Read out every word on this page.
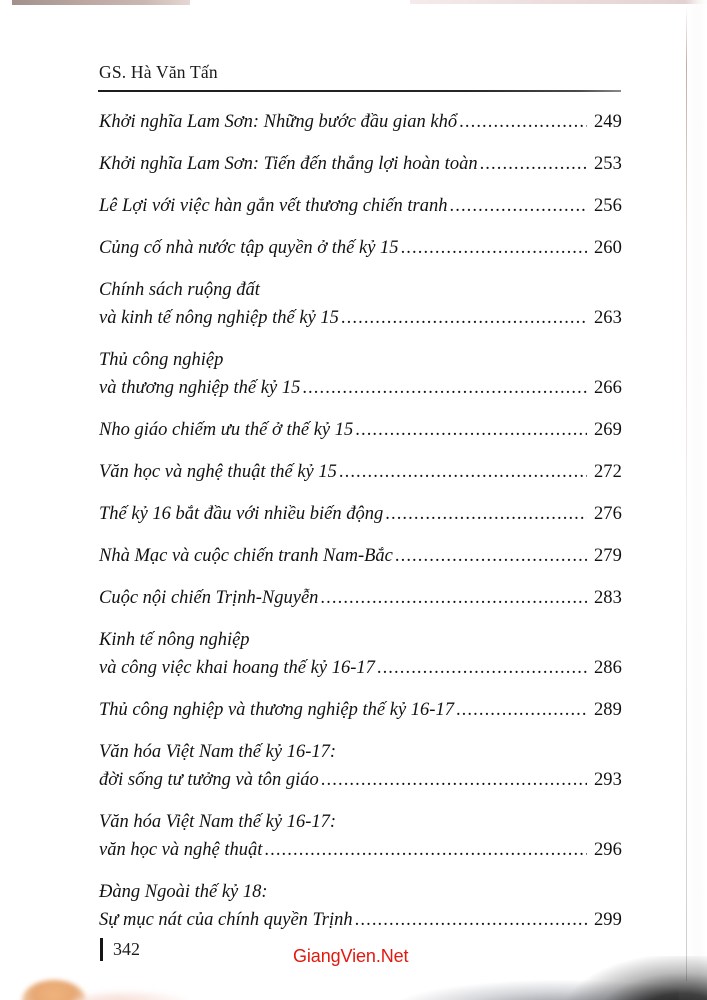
GS. Hà Văn Tấn
Khởi nghĩa Lam Sơn: Những bước đầu gian khổ .....	249
Khởi nghĩa Lam Sơn: Tiến đến thắng lợi hoàn toàn .....	253
Lê Lợi với việc hàn gắn vết thương chiến tranh .....	256
Củng cố nhà nước tập quyền ở thế kỷ 15 .....	260
Chính sách ruộng đất
và kinh tế nông nghiệp thế kỷ 15 .....	263
Thủ công nghiệp
và thương nghiệp thế kỷ 15 .....	266
Nho giáo chiếm ưu thế ở thế kỷ 15 .....	269
Văn học và nghệ thuật thế kỷ 15 .....	272
Thế kỷ 16 bắt đầu với nhiều biến động .....	276
Nhà Mạc và cuộc chiến tranh Nam-Bắc .....	279
Cuộc nội chiến Trịnh-Nguyễn .....	283
Kinh tế nông nghiệp
và công việc khai hoang thế kỷ 16-17 .....	286
Thủ công nghiệp và thương nghiệp thế kỷ 16-17 .....	289
Văn hóa Việt Nam thế kỷ 16-17:
đời sống tư tưởng và tôn giáo .....	293
Văn hóa Việt Nam thế kỷ 16-17:
văn học và nghệ thuật .....	296
Đàng Ngoài thế kỷ 18:
Sự mục nát của chính quyền Trịnh .....	299
342	GiangVien.Net
